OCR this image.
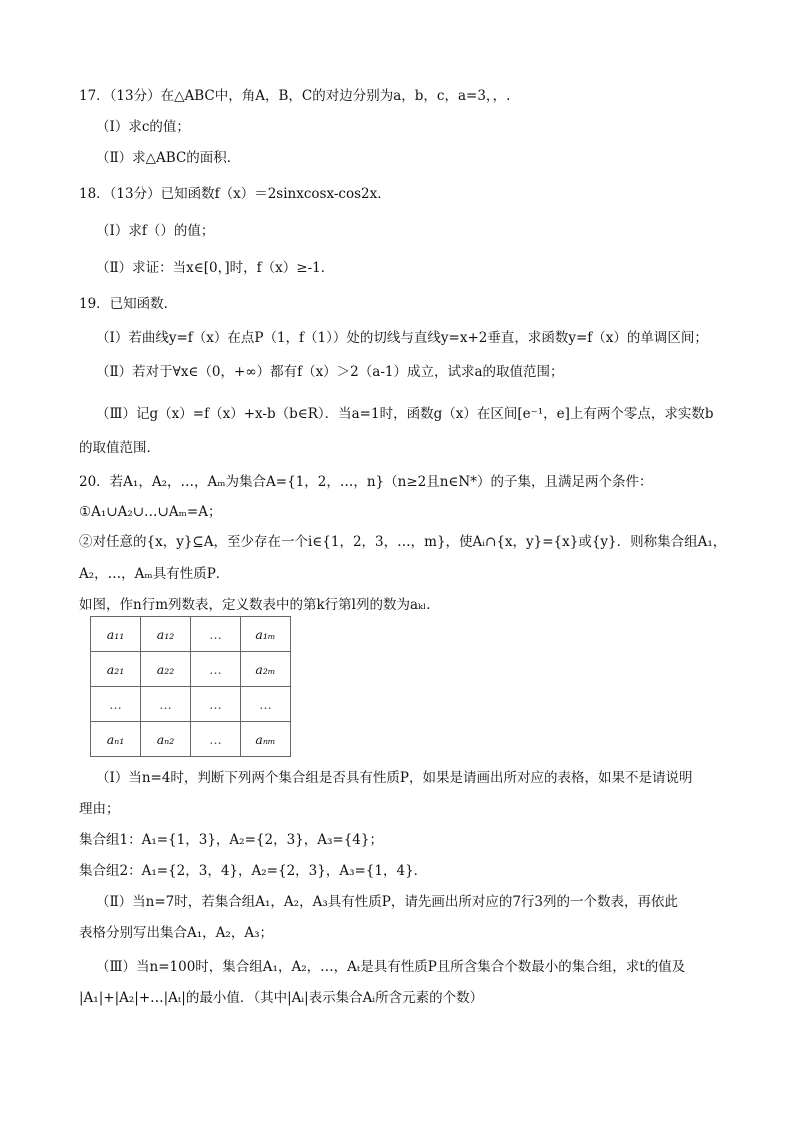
17．（13分）在△ABC中，角A，B，C的对边分别为a，b，c，a=3，，.
（Ⅰ）求c的值；
（Ⅱ）求△ABC的面积．
18．（13分）已知函数f（x）＝2sinxcosx-cos2x．
（Ⅰ）求f（）的值；
（Ⅱ）求证：当x∈[0，]时，f（x）≥-1．
19．已知函数．
（Ⅰ）若曲线y=f（x）在点P（1，f（1））处的切线与直线y=x+2垂直，求函数y=f（x）的单调区间；
（Ⅱ）若对于∀x∈（0，+∞）都有f（x）＞2（a-1）成立，试求a的取值范围；
（Ⅲ）记g（x）=f（x）+x-b（b∈R）．当a=1时，函数g（x）在区间[e⁻¹，e]上有两个零点，求实数b
的取值范围．
20．若A₁，A₂，…，Aₘ为集合A={1，2，…，n}（n≥2且n∈N*）的子集，且满足两个条件：
①A₁∪A₂∪…∪Aₘ=A；
②对任意的{x，y}⊆A，至少存在一个i∈{1，2，3，…，m}，使Aᵢ∩{x，y}={x}或{y}．则称集合组A₁，
A₂，…，Aₘ具有性质P．
如图，作n行m列数表，定义数表中的第k行第l列的数为aₖₗ．
a₁₁	a₁₂	…	a₁ₘ
a₂₁	a₂₂	…	a₂ₘ
…	…	…	…
aₙ₁	aₙ₂	…	aₙₘ
（Ⅰ）当n=4时，判断下列两个集合组是否具有性质P，如果是请画出所对应的表格，如果不是请说明
理由；
集合组1：A₁={1，3}，A₂={2，3}，A₃={4}；
集合组2：A₁={2，3，4}，A₂={2，3}，A₃={1，4}．
（Ⅱ）当n=7时，若集合组A₁，A₂，A₃具有性质P，请先画出所对应的7行3列的一个数表，再依此
表格分别写出集合A₁，A₂，A₃；
（Ⅲ）当n=100时，集合组A₁，A₂，…，Aₜ是具有性质P且所含集合个数最小的集合组，求t的值及
|A₁|+|A₂|+…|Aₜ|的最小值．（其中|Aᵢ|表示集合Aᵢ所含元素的个数）
